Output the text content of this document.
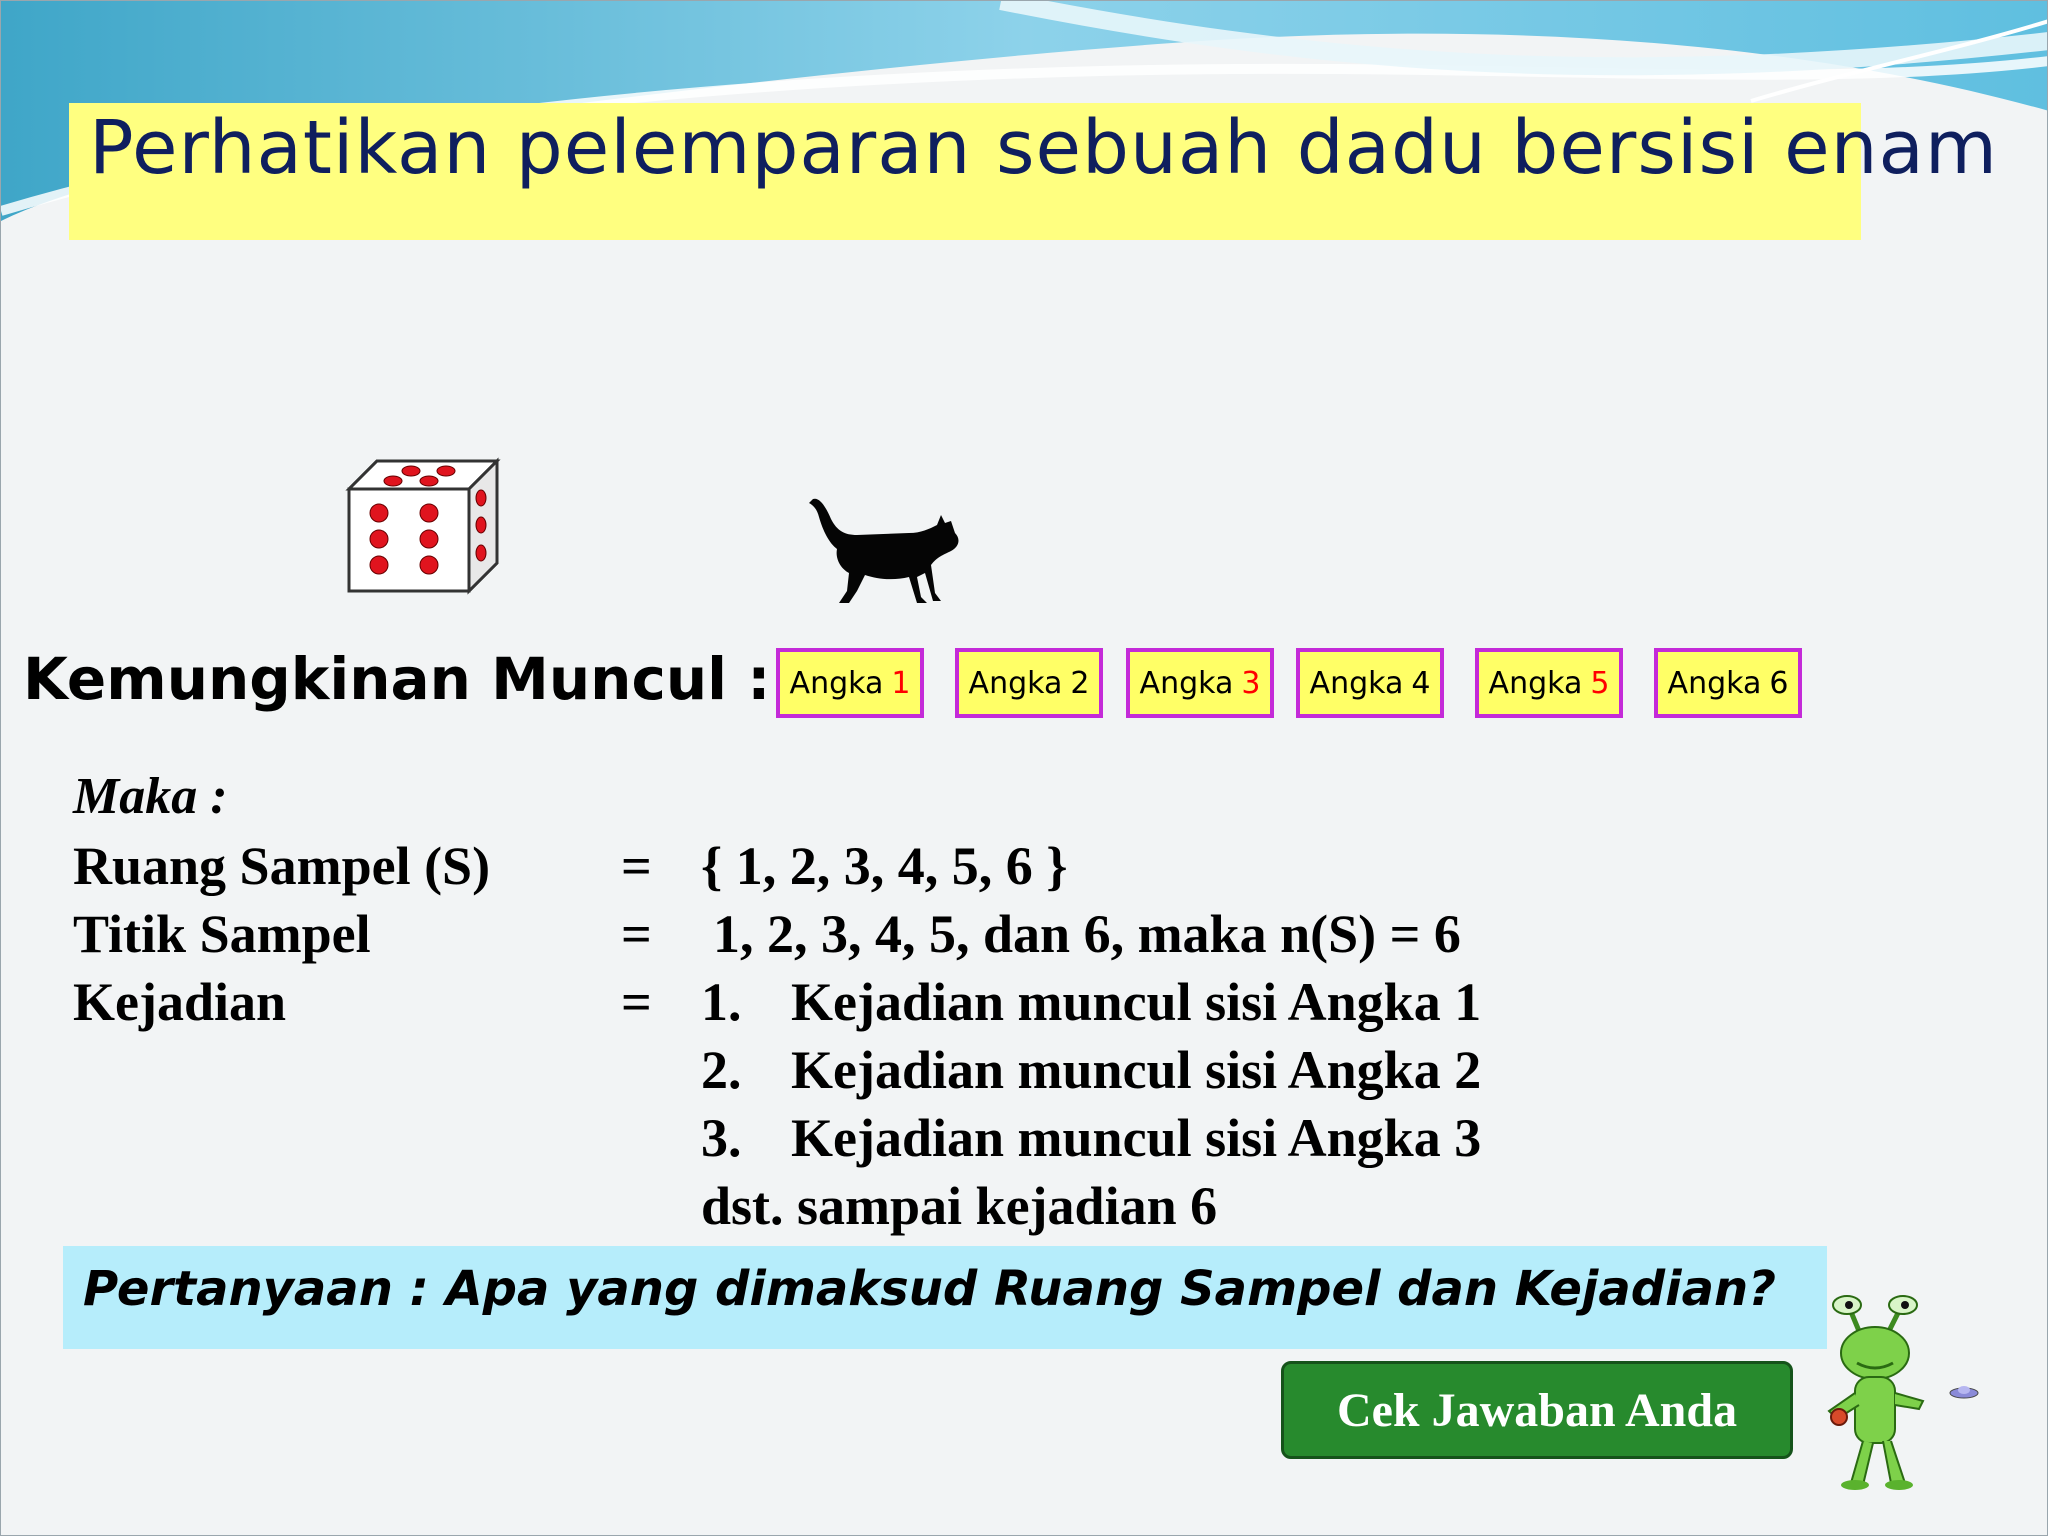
Perhatikan pelemparan sebuah dadu bersisi enam
Kemungkinan Muncul : Angka 1 Angka 2 Angka 3 Angka 4 Angka 5 Angka 6
Maka :
Ruang Sampel (S) = { 1, 2, 3, 4, 5, 6 }
Titik Sampel	= 1, 2, 3, 4, 5, dan 6, maka n(S) = 6
Kejadian	= 1. Kejadian muncul sisi Angka 1
2. Kejadian muncul sisi Angka 2
3. Kejadian muncul sisi Angka 3
dst. sampai kejadian 6
Pertanyaan : Apa yang dimaksud Ruang Sampel dan Kejadian?
Cek Jawaban Anda
